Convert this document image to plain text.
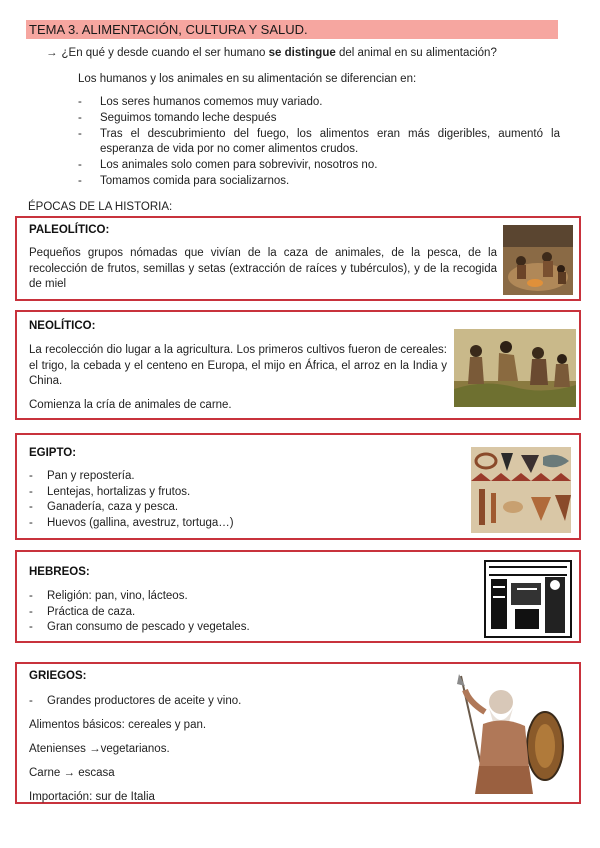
TEMA 3. ALIMENTACIÓN, CULTURA Y SALUD.
→ ¿En qué y desde cuando el ser humano se distingue del animal en su alimentación?
Los humanos y los animales en su alimentación se diferencian en:
- Los seres humanos comemos muy variado.
- Seguimos tomando leche después
- Tras el descubrimiento del fuego, los alimentos eran más digeribles, aumentó la esperanza de vida por no comer alimentos crudos.
- Los animales solo comen para sobrevivir, nosotros no.
- Tomamos comida para socializarnos.
ÉPOCAS DE LA HISTORIA:
PALEOLÍTICO:
Pequeños grupos nómadas que vivían de la caza de animales, de la pesca, de la recolección de frutos, semillas y setas (extracción de raíces y tubérculos), y de la recogida de miel
NEOLÍTICO:
La recolección dio lugar a la agricultura. Los primeros cultivos fueron de cereales: el trigo, la cebada y el centeno en Europa, el mijo en África, el arroz en la India y China.
Comienza la cría de animales de carne.
EGIPTO:
- Pan y repostería.
- Lentejas, hortalizas y frutos.
- Ganadería, caza y pesca.
- Huevos (gallina, avestruz, tortuga…)
HEBREOS:
- Religión: pan, vino, lácteos.
- Práctica de caza.
- Gran consumo de pescado y vegetales.
GRIEGOS:
- Grandes productores de aceite y vino.
Alimentos básicos: cereales y pan.
Atenienses →vegetarianos.
Carne → escasa
Importación: sur de Italia
